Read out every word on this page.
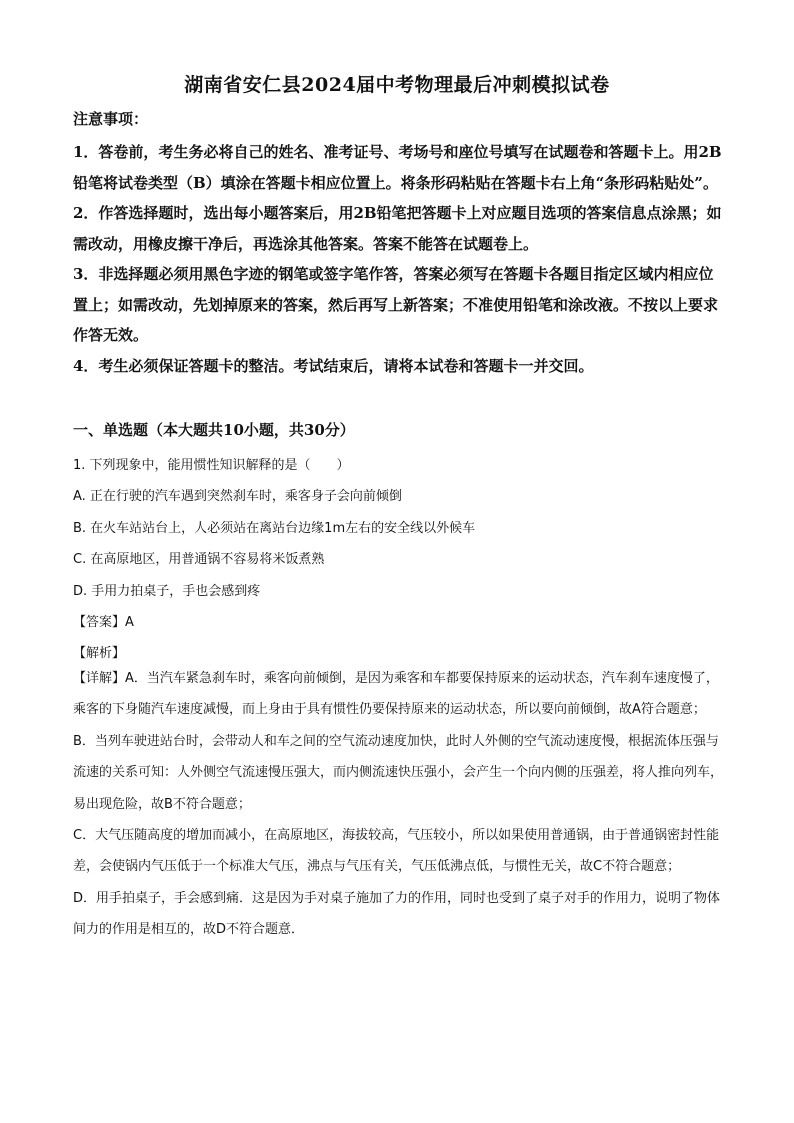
湖南省安仁县2024届中考物理最后冲刺模拟试卷
注意事项：

1．答卷前，考生务必将自己的姓名、准考证号、考场号和座位号填写在试题卷和答题卡上。用2B铅笔将试卷类型（B）填涂在答题卡相应位置上。将条形码粘贴在答题卡右上角“条形码粘贴处”。

2．作答选择题时，选出每小题答案后，用2B铅笔把答题卡上对应题目选项的答案信息点涂黑；如需改动，用橡皮擦干净后，再选涂其他答案。答案不能答在试题卷上。

3．非选择题必须用黑色字迹的钢笔或签字笔作答，答案必须写在答题卡各题目指定区域内相应位置上；如需改动，先划掉原来的答案，然后再写上新答案；不准使用铅笔和涂改液。不按以上要求作答无效。

4．考生必须保证答题卡的整洁。考试结束后，请将本试卷和答题卡一并交回。

一、单选题（本大题共10小题，共30分）
1. 下列现象中，能用惯性知识解释的是（　　）
A. 正在行驶的汽车遇到突然刹车时，乘客身子会向前倾倒
B. 在火车站站台上，人必须站在离站台边缘1m左右的安全线以外候车
C. 在高原地区，用普通锅不容易将米饭煮熟
D. 手用力拍桌子，手也会感到疼
【答案】A
【解析】

【详解】A．当汽车紧急刹车时，乘客向前倾倒，是因为乘客和车都要保持原来的运动状态，汽车刹车速度慢了，乘客的下身随汽车速度减慢，而上身由于具有惯性仍要保持原来的运动状态，所以要向前倾倒，故A符合题意；

B．当列车驶进站台时，会带动人和车之间的空气流动速度加快，此时人外侧的空气流动速度慢，根据流体压强与流速的关系可知：人外侧空气流速慢压强大，而内侧流速快压强小，会产生一个向内侧的压强差，将人推向列车，易出现危险，故B不符合题意；

C．大气压随高度的增加而减小，在高原地区，海拔较高，气压较小，所以如果使用普通锅，由于普通锅密封性能差，会使锅内气压低于一个标准大气压，沸点与气压有关，气压低沸点低，与惯性无关，故C不符合题意；

D．用手拍桌子，手会感到痛．这是因为手对桌子施加了力的作用，同时也受到了桌子对手的作用力，说明了物体间力的作用是相互的，故D不符合题意．
